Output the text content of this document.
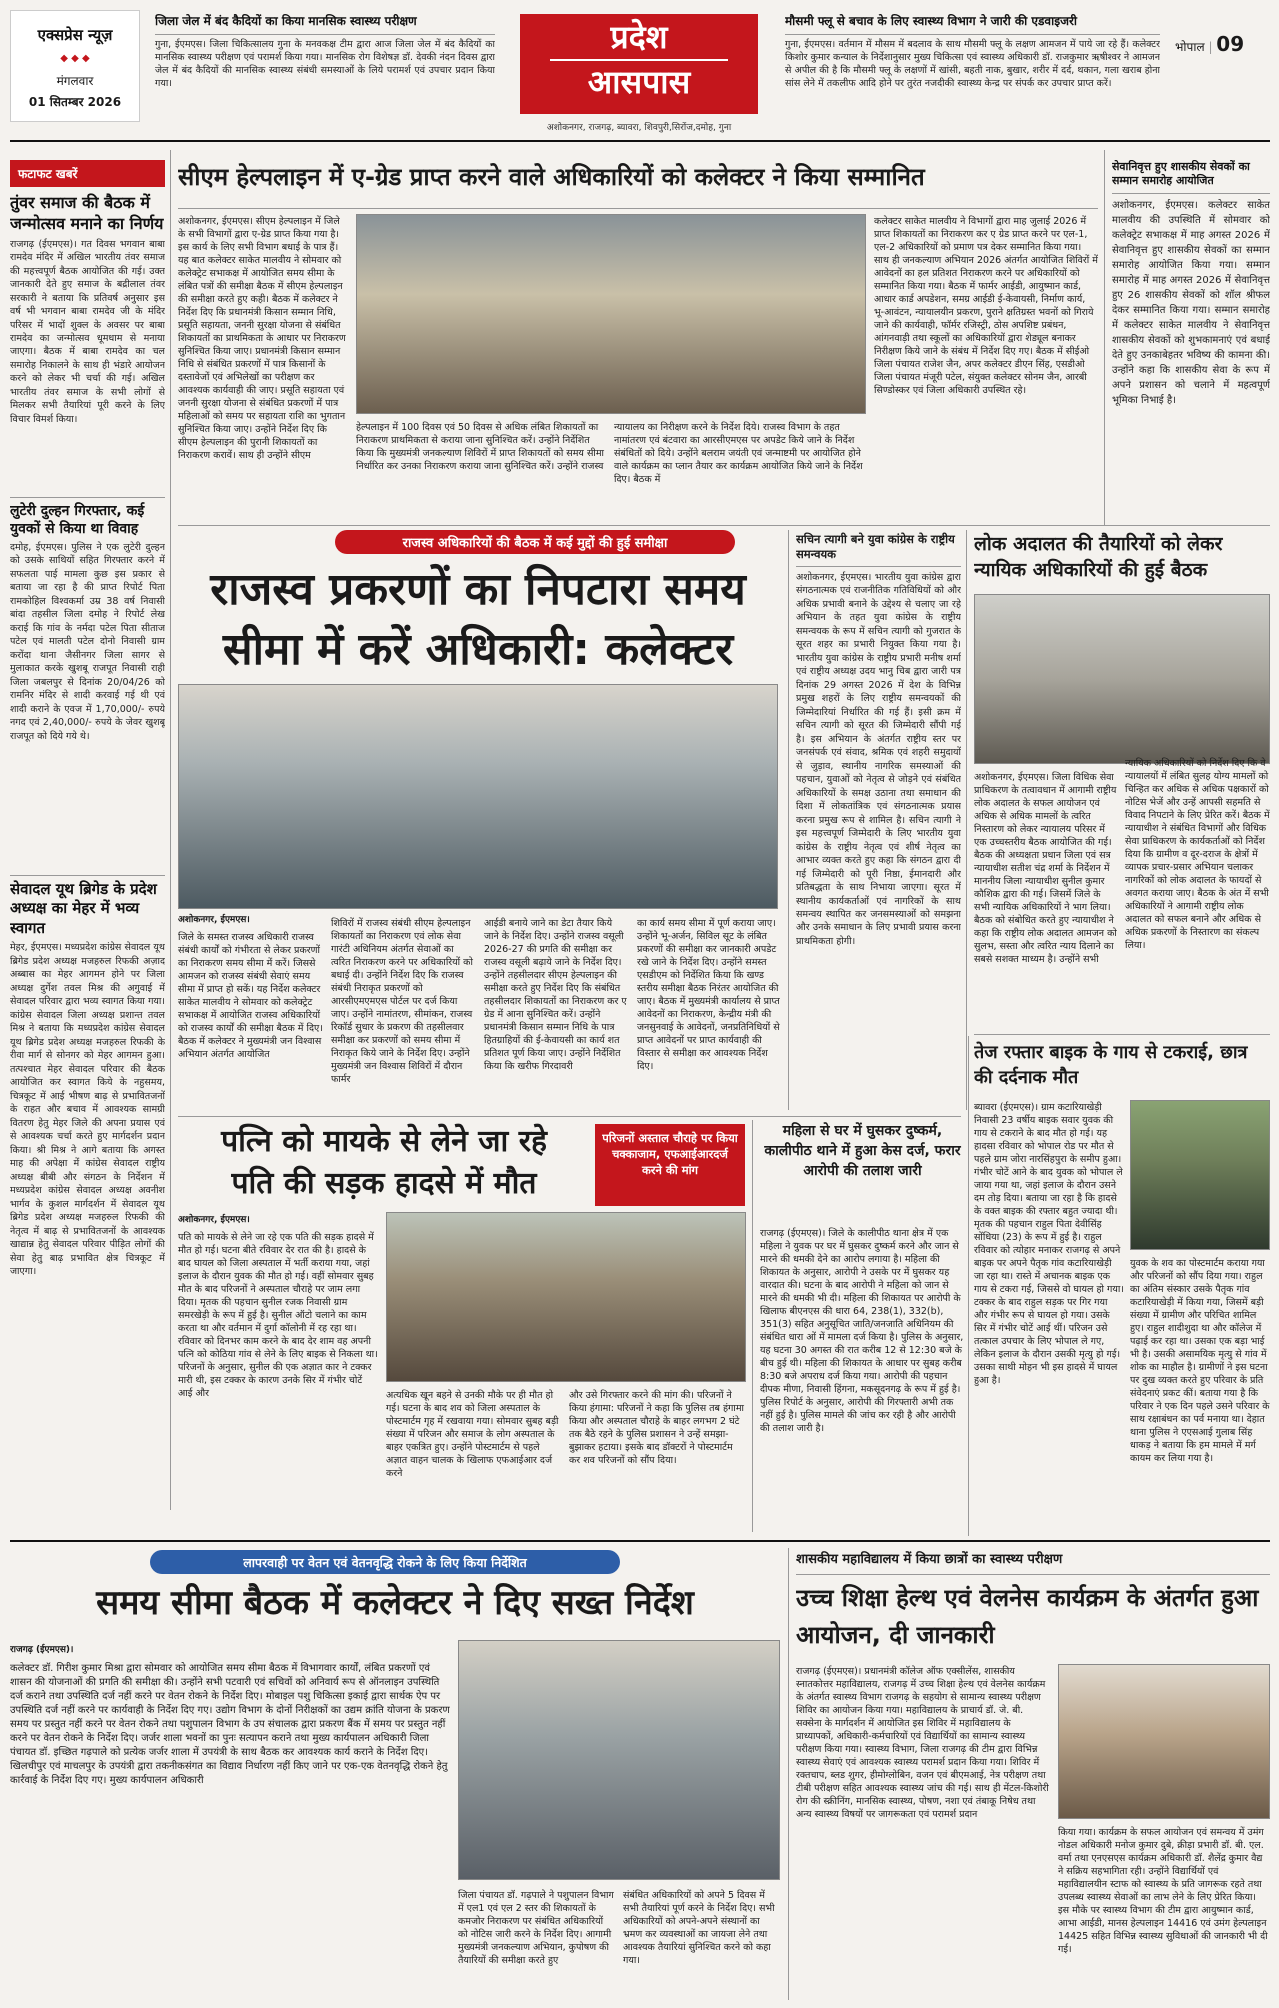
एक्सप्रेस न्यूज़
◆ ◆ ◆
मंगलवार
01 सितम्बर 2026
जिला जेल में बंद कैदियों का किया मानसिक स्वास्थ्य परीक्षण
गुना, ईएमएस। जिला चिकित्सालय गुना के मनवकक्ष टीम द्वारा आज जिला जेल में बंद कैदियों का मानसिक स्वास्थ्य परीक्षण एवं परामर्श किया गया। मानसिक रोग विशेषज्ञ डॉ. देवकी नंदन दिवस द्वारा जेल में बंद कैदियों की मानसिक स्वास्थ्य संबंधी समस्याओं के लिये परामर्श एवं उपचार प्रदान किया गया।
प्रदेश
आसपास
अशोकनगर, राजगढ़, ब्यावरा, शिवपुरी,सिरोंज,दमोह, गुना
मौसमी फ्लू से बचाव के लिए स्वास्थ्य विभाग ने जारी की एडवाइजरी
गुना, ईएमएस। वर्तमान में मौसम में बदलाव के साथ मौसमी फ्लू के लक्षण आमजन में पाये जा रहे हैं। कलेक्टर किशोर कुमार कन्याल के निर्देशानुसार मुख्य चिकित्सा एवं स्वास्थ्य अधिकारी डॉ. राजकुमार ऋषीश्वर ने आमजन से अपील की है कि मौसमी फ्लू के लक्षणों में खांसी, बहती नाक, बुखार, शरीर में दर्द, थकान, गला खराब होना सांस लेने में तकलीफ आदि होने पर तुरंत नजदीकी स्वास्थ्य केन्द्र पर संपर्क कर उपचार प्राप्त करें।
भोपाल | 09
फटाफट खबरें
तुंवर समाज की बैठक में जन्मोत्सव मनाने का निर्णय
राजगढ़ (ईएमएस)। गत दिवस भगवान बाबा रामदेव मंदिर में अखिल भारतीय तंवर समाज की महत्त्वपूर्ण बैठक आयोजित की गई। उक्त जानकारी देते हुए समाज के बद्रीलाल तंवर सरकारी ने बताया कि प्रतिवर्ष अनुसार इस वर्ष भी भगवान बाबा रामदेव जी के मंदिर परिसर में भादों शुक्ल के अवसर पर बाबा रामदेव का जन्मोत्सव धूमधाम से मनाया जाएगा। बैठक में बाबा रामदेव का चल समारोह निकालने के साथ ही भंडारे आयोजन करने को लेकर भी चर्चा की गई। अखिल भारतीय तंवर समाज के सभी लोगों से मिलकर सभी तैयारियां पूरी करने के लिए विचार विमर्श किया।
लुटेरी दुल्हन गिरफ्तार, कई युवकों से किया था विवाह
दमोह, ईएमएस। पुलिस ने एक लुटेरी दुल्हन को उसके साथियों सहित गिरफ्तार करने में सफलता पाई मामला कुछ इस प्रकार से बताया जा रहा है की प्राप्त रिपोर्ट पिता रामकोहिल विश्वकर्मा उम्र 38 वर्ष निवासी बांदा तहसील जिला दमोह ने रिपोर्ट लेख कराई कि गांव के नर्मदा पटेल पिता सीताज पटेल एवं मालती पटेल दोनो निवासी ग्राम करोंदा थाना जैसीनगर जिला सागर से मुलाकात करके खुशबू राजपूत निवासी राही जिला जबलपुर से दिनांक 20/04/26 को रामनिर मंदिर से शादी करवाई गई थी एवं शादी कराने के एवज में 1,70,000/- रुपये नगद एवं 2,40,000/- रुपये के जेवर खुशबू राजपूत को दिये गये थे।
सेवादल यूथ ब्रिगेड के प्रदेश अध्यक्ष का मेहर में भव्य स्वागत
मेहर, ईएमएस। मध्यप्रदेश कांग्रेस सेवादल यूथ ब्रिगेड प्रदेश अध्यक्ष मजहरुल रिफकी अज़ाद अब्बास का मेहर आगमन होने पर जिला अध्यक्ष दुर्गेश तवल मिश्र की अगुवाई में सेवादल परिवार द्वारा भव्य स्वागत किया गया। कांग्रेस सेवादल जिला अध्यक्ष प्रशान्त तवल मिश्र ने बताया कि मध्यप्रदेश कांग्रेस सेवादल यूथ ब्रिगेड प्रदेश अध्यक्ष मजहरुल रिफकी के रीवा मार्ग से सोनगर को मेहर आगमन हुआ। तत्पश्चात मेहर सेवादल परिवार की बैठक आयोजित कर स्वागत किये के नहुसमय, चित्रकूट में आई भीषण बाढ़ से प्रभावितजनों के राहत और बचाव में आवश्यक सामग्री वितरण हेतु मेहर जिले की अपना प्रयास एवं से आवश्यक चर्चा करते हुए मार्गदर्शन प्रदान किया। श्री मिश्र ने आगे बताया कि अगस्त माह की अपेक्षा में कांग्रेस सेवादल राष्ट्रीय अध्यक्ष बीबी और संगठन के निर्देशन में मध्यप्रदेश कांग्रेस सेवादल अध्यक्ष अवनीश भार्गव के कुशल मार्गदर्शन में सेवादल यूथ ब्रिगेड प्रदेश अध्यक्ष मजहरुल रिफकी की नेतृत्व में बाढ़ से प्रभावितजनों के आवश्यक खाद्यान्न हेतु सेवादल परिवार पीड़ित लोगों की सेवा हेतु बाढ़ प्रभावित क्षेत्र चित्रकूट में जाएगा।
सीएम हेल्पलाइन में ए-ग्रेड प्राप्त करने वाले अधिकारियों को कलेक्टर ने किया सम्मानित
अशोकनगर, ईएमएस। सीएम हेल्पलाइन में जिले के सभी विभागों द्वारा ए-ग्रेड प्राप्त किया गया है। इस कार्य के लिए सभी विभाग बधाई के पात्र हैं। यह बात कलेक्टर साकेत मालवीय ने सोमवार को कलेक्ट्रेट सभाकक्ष में आयोजित समय सीमा के लंबित पत्रों की समीक्षा बैठक में सीएम हेल्पलाइन की समीक्षा करते हुए कही। बैठक में कलेक्टर ने निर्देश दिए कि प्रधानमंत्री किसान सम्मान निधि, प्रसूति सहायता, जननी सुरक्षा योजना से संबंधित शिकायतों का प्राथमिकता के आधार पर निराकरण सुनिश्चित किया जाए। प्रधानमंत्री किसान सम्मान निधि से संबंधित प्रकरणों में पात्र किसानों के दस्तावेजों एवं अभिलेखों का परीक्षण कर आवश्यक कार्यवाही की जाए। प्रसूति सहायता एवं जननी सुरक्षा योजना से संबंधित प्रकरणों में पात्र महिलाओं को समय पर सहायता राशि का भुगतान सुनिश्चित किया जाए। उन्होंने निर्देश दिए कि सीएम हेल्पलाइन की पुरानी शिकायतों का निराकरण करावें। साथ ही उन्होंने सीएम
हेल्पलाइन में 100 दिवस एवं 50 दिवस से अधिक लंबित शिकायतों का निराकरण प्राथमिकता से कराया जाना सुनिश्चित करें। उन्होंने निर्देशित किया कि मुख्यमंत्री जनकल्याण शिविरों में प्राप्त शिकायतों को समय सीमा निर्धारित कर उनका निराकरण कराया जाना सुनिश्चित करें। उन्होंने राजस्व
न्यायालय का निरीक्षण करने के निर्देश दिये। राजस्व विभाग के तहत नामांतरण एवं बंटवारा का आरसीएमएस पर अपडेट किये जाने के निर्देश संबंधितों को दिये। उन्होंने बलराम जयंती एवं जन्माष्टमी पर आयोजित होने वाले कार्यक्रम का प्लान तैयार कर कार्यक्रम आयोजित किये जाने के निर्देश दिए। बैठक में
कलेक्टर साकेत मालवीय ने विभागों द्वारा माह जुलाई 2026 में प्राप्त शिकायतों का निराकरण कर ए ग्रेड प्राप्त करने पर एल-1, एल-2 अधिकारियों को प्रमाण पत्र देकर सम्मानित किया गया। साथ ही जनकल्याण अभियान 2026 अंतर्गत आयोजित शिविरों में आवेदनों का हल प्रतिशत निराकरण करने पर अधिकारियों को सम्मानित किया गया। बैठक में फार्मर आईडी, आयुष्मान कार्ड, आधार कार्ड अपडेशन, समग्र आईडी ई-केवायसी, निर्माण कार्य, भू-आवंटन, न्यायालयीन प्रकरण, पुराने क्षतिग्रस्त भवनों को गिराये जाने की कार्यवाही, फॉर्मर रजिस्ट्री, ठोस अपशिष्ट प्रबंधन, आंगनवाड़ी तथा स्कूलों का अधिकारियों द्वारा शेड्यूल बनाकर निरीक्षण किये जाने के संबंध में निर्देश दिए गए। बैठक में सीईओ जिला पंचायत राजेश जैन, अपर कलेक्टर डीएन सिंह, एसडीओ जिला पंचायत मंजूरी पटेल, संयुक्त कलेक्टर सोनम जैन, आरबी सिण्डोस्कर एवं जिला अधिकारी उपस्थित रहे।
सेवानिवृत्त हुए शासकीय सेवकों का सम्मान समारोह आयोजित
अशोकनगर, ईएमएस। कलेक्टर साकेत मालवीय की उपस्थिति में सोमवार को कलेक्ट्रेट सभाकक्ष में माह अगस्त 2026 में सेवानिवृत्त हुए शासकीय सेवकों का सम्मान समारोह आयोजित किया गया। सम्मान समारोह में माह अगस्त 2026 में सेवानिवृत्त हुए 26 शासकीय सेवकों को शॉल श्रीफल देकर सम्मानित किया गया। सम्मान समारोह में कलेक्टर साकेत मालवीय ने सेवानिवृत्त शासकीय सेवकों को शुभकामनाएं एवं बधाई देते हुए उनकाबेहतर भविष्य की कामना की। उन्होंने कहा कि शासकीय सेवा के रूप में अपने प्रशासन को चलाने में महत्वपूर्ण भूमिका निभाई है।
राजस्व अधिकारियों की बैठक में कई मुद्दों की हुई समीक्षा
राजस्व प्रकरणों का निपटारा समय
सीमा में करें अधिकारी: कलेक्टर
अशोकनगर, ईएमएस।
जिले के समस्त राजस्व अधिकारी राजस्व संबंधी कार्यों को गंभीरता से लेकर प्रकरणों का निराकरण समय सीमा में करें। जिससे आमजन को राजस्व संबंधी सेवाएं समय सीमा में प्राप्त हो सकें। यह निर्देश कलेक्टर साकेत मालवीय ने सोमवार को कलेक्ट्रेट सभाकक्ष में आयोजित राजस्व अधिकारियों को राजस्व कार्यों की समीक्षा बैठक में दिए। बैठक में कलेक्टर ने मुख्यमंत्री जन विश्वास अभियान अंतर्गत आयोजित
शिविरों में राजस्व संबंधी सीएम हेल्पलाइन शिकायतों का निराकरण एवं लोक सेवा गारंटी अधिनियम अंतर्गत सेवाओं का त्वरित निराकरण करने पर अधिकारियों को बधाई दी। उन्होंने निर्देश दिए कि राजस्व संबंधी निराकृत प्रकरणों को आरसीएमएमएस पोर्टल पर दर्ज किया जाए। उन्होंने नामांतरण, सीमांकन, राजस्व रिकॉर्ड सुधार के प्रकरण की तहसीलवार समीक्षा कर प्रकरणों को समय सीमा में निराकृत किये जाने के निर्देश दिए। उन्होंने मुख्यमंत्री जन विश्वास शिविरों में दौरान फार्मर
आईडी बनाये जाने का डेटा तैयार किये जाने के निर्देश दिए। उन्होंने राजस्व वसूली 2026-27 की प्रगति की समीक्षा कर राजस्व वसूली बढ़ाये जाने के निर्देश दिए। उन्होंने तहसीलदार सीएम हेल्पलाइन की समीक्षा करते हुए निर्देश दिए कि संबंधित तहसीलदार शिकायतों का निराकरण कर ए ग्रेड में आना सुनिश्चित करें। उन्होंने प्रधानमंत्री किसान सम्मान निधि के पात्र हितग्राहियों की ई-केवायसी का कार्य शत प्रतिशत पूर्ण किया जाए। उन्होंने निर्देशित किया कि खरीफ गिरदावरी
का कार्य समय सीमा में पूर्ण कराया जाए। उन्होंने भू-अर्जन, सिविल सूट के लंबित प्रकरणों की समीक्षा कर जानकारी अपडेट रखे जाने के निर्देश दिए। उन्होंने समस्त एसडीएम को निर्देशित किया कि खण्ड स्तरीय समीक्षा बैठक निरंतर आयोजित की जाए। बैठक में मुख्यमंत्री कार्यालय से प्राप्त आवेदनों का निराकरण, केन्द्रीय मंत्री की जनसुनवाई के आवेदनों, जनप्रतिनिधियों से प्राप्त आवेदनों पर प्राप्त कार्यवाही की विस्तार से समीक्षा कर आवश्यक निर्देश दिए।
सचिन त्यागी बने युवा कांग्रेस के राष्ट्रीय समन्वयक
अशोकनगर, ईएमएस। भारतीय युवा कांग्रेस द्वारा संगठनात्मक एवं राजनीतिक गतिविधियों को और अधिक प्रभावी बनाने के उद्देश्य से चलाए जा रहे अभियान के तहत युवा कांग्रेस के राष्ट्रीय समन्वयक के रूप में सचिन त्यागी को गुजरात के सूरत शहर का प्रभारी नियुक्त किया गया है। भारतीय युवा कांग्रेस के राष्ट्रीय प्रभारी मनीष शर्मा एवं राष्ट्रीय अध्यक्ष उदय भानु चिब द्वारा जारी पत्र दिनांक 29 अगस्त 2026 में देश के विभिन्न प्रमुख शहरों के लिए राष्ट्रीय समन्वयकों की जिम्मेदारियां निर्धारित की गई हैं। इसी क्रम में सचिन त्यागी को सूरत की जिम्मेदारी सौंपी गई है। इस अभियान के अंतर्गत राष्ट्रीय स्तर पर जनसंपर्क एवं संवाद, श्रमिक एवं शहरी समुदायों से जुड़ाव, स्थानीय नागरिक समस्याओं की पहचान, युवाओं को नेतृत्व से जोड़ने एवं संबंधित अधिकारियों के समक्ष उठाना तथा समाधान की दिशा में लोकतांत्रिक एवं संगठनात्मक प्रयास करना प्रमुख रूप से शामिल है। सचिन त्यागी ने इस महत्त्वपूर्ण जिम्मेदारी के लिए भारतीय युवा कांग्रेस के राष्ट्रीय नेतृत्व एवं शीर्ष नेतृत्व का आभार व्यक्त करते हुए कहा कि संगठन द्वारा दी गई जिम्मेदारी को पूरी निष्ठा, ईमानदारी और प्रतिबद्धता के साथ निभाया जाएगा। सूरत में स्थानीय कार्यकर्ताओं एवं नागरिकों के साथ समन्वय स्थापित कर जनसमस्याओं को समझना और उनके समाधान के लिए प्रभावी प्रयास करना प्राथमिकता होगी।
लोक अदालत की तैयारियों को लेकर न्यायिक अधिकारियों की हुई बैठक
अशोकनगर, ईएमएस। जिला विधिक सेवा प्राधिकरण के तत्वावधान में आगामी राष्ट्रीय लोक अदालत के सफल आयोजन एवं अधिक से अधिक मामलों के त्वरित निस्तारण को लेकर न्यायालय परिसर में एक उच्चस्तरीय बैठक आयोजित की गई। बैठक की अध्यक्षता प्रधान जिला एवं सत्र न्यायाधीश सतीश चंद्र शर्मा के निर्देशन में माननीय जिला न्यायाधीश सुनील कुमार कौशिक द्वारा की गई। जिसमें जिले के सभी न्यायिक अधिकारियों ने भाग लिया। बैठक को संबोधित करते हुए न्यायाधीश ने कहा कि राष्ट्रीय लोक अदालत आमजन को सुलभ, सस्ता और त्वरित न्याय दिलाने का सबसे सशक्त माध्यम है। उन्होंने सभी
न्यायिक अधिकारियों को निर्देश दिए कि वे न्यायालयों में लंबित सुलह योग्य मामलों को चिन्हित कर अधिक से अधिक पक्षकारों को नोटिस भेजें और उन्हें आपसी सहमति से विवाद निपटाने के लिए प्रेरित करें। बैठक में न्यायाधीश ने संबंधित विभागों और विधिक सेवा प्राधिकरण के कार्यकर्ताओं को निर्देश दिया कि ग्रामीण व दूर-दराज के क्षेत्रों में व्यापक प्रचार-प्रसार अभियान चलाकर नागरिकों को लोक अदालत के फायदों से अवगत कराया जाए। बैठक के अंत में सभी अधिकारियों ने आगामी राष्ट्रीय लोक अदालत को सफल बनाने और अधिक से अधिक प्रकरणों के निस्तारण का संकल्प लिया।
तेज रफ्तार बाइक के गाय से टकराई, छात्र की दर्दनाक मौत
ब्यावरा (ईएमएस)। ग्राम कटारियाखेड़ी निवासी 23 वर्षीय बाइक सवार युवक की गाय से टकराने के बाद मौत हो गई। यह हादसा रविवार को भोपाल रोड पर मौत से पहले ग्राम जोरा नारसिंहपुरा के समीप हुआ। गंभीर चोटें आने के बाद युवक को भोपाल ले जाया गया था, जहां इलाज के दौरान उसने दम तोड़ दिया। बताया जा रहा है कि हादसे के वक्त बाइक की रफ्तार बहुत ज्यादा थी। मृतक की पहचान राहुल पिता देवीसिंह सोंधिया (23) के रूप में हुई है। राहुल रविवार को त्योहार मनाकर राजगढ़ से अपने बाइक पर अपने पैतृक गांव कटारियाखेड़ी जा रहा था। रास्ते में अचानक बाइक एक गाय से टकरा गई, जिससे वो घायल हो गया। टक्कर के बाद राहुल सड़क पर गिर गया और गंभीर रूप से घायल हो गया। उसके सिर में गंभीर चोटें आई थीं। परिजन उसे तत्काल उपचार के लिए भोपाल ले गए, लेकिन इलाज के दौरान उसकी मृत्यु हो गई। उसका साथी मोहन भी इस हादसे में घायल हुआ है।
युवक के शव का पोस्टमार्टम कराया गया और परिजनों को सौंप दिया गया। राहुल का अंतिम संस्कार उसके पैतृक गांव कटारियाखेड़ी में किया गया, जिसमें बड़ी संख्या में ग्रामीण और परिचित शामिल हुए। राहुल शादीशुदा था और कॉलेज में पढ़ाई कर रहा था। उसका एक बड़ा भाई भी है। उसकी असामयिक मृत्यु से गांव में शोक का माहौल है। ग्रामीणों ने इस घटना पर दुख व्यक्त करते हुए परिवार के प्रति संवेदनाएं प्रकट कीं। बताया गया है कि परिवार ने एक दिन पहले उसने परिवार के साथ रक्षाबंधन का पर्व मनाया था। देहात थाना पुलिस ने एएसआई गुलाब सिंह धाकड़ ने बताया कि हम मामले में मर्ग कायम कर लिया गया है।
पत्नि को मायके से लेने जा रहे
पति की सड़क हादसे में मौत
परिजनों अस्ताल चौराहे पर किया चक्काजाम, एफआईआरदर्ज करने की मांग
अशोकनगर, ईएमएस।
पति को मायके से लेने जा रहे एक पति की सड़क हादसे में मौत हो गई। घटना बीते रविवार देर रात की है। हादसे के बाद घायल को जिला अस्पताल में भर्ती कराया गया, जहां इलाज के दौरान युवक की मौत हो गई। वहीं सोमवार सुबह मौत के बाद परिजनों ने अस्पताल चौराहे पर जाम लगा दिया। मृतक की पहचान सुनील रजक निवासी ग्राम समरखेड़ी के रूप में हुई है। सुनील ऑटो चलाने का काम करता था और वर्तमान में दुर्गा कॉलोनी में रह रहा था। रविवार को दिनभर काम करने के बाद देर शाम वह अपनी पत्नि को कोठिया गांव से लेने के लिए बाइक से निकला था। परिजनों के अनुसार, सुनील की एक अज्ञात कार ने टक्कर मारी थी, इस टक्कर के कारण उनके सिर में गंभीर चोटें आई और	अत्यधिक खून बहने से उनकी मौके पर ही मौत हो गई। घटना के बाद शव को जिला अस्पताल के पोस्टमार्टम गृह में रखवाया गया। सोमवार सुबह बड़ी संख्या में परिजन और समाज के लोग अस्पताल के बाहर एकत्रित हुए। उन्होंने पोस्टमार्टम से पहले अज्ञात वाहन चालक के खिलाफ एफआईआर दर्ज करने
और उसे गिरफ्तार करने की मांग की। परिजनों ने किया हंगामा: परिजनों ने कहा कि पुलिस तब हंगामा किया और अस्पताल चौराहे के बाहर लगभग 2 घंटे तक बैठे रहने के पुलिस प्रशासन ने उन्हें समझा-बुझाकर हटाया। इसके बाद डॉक्टरों ने पोस्टमार्टम कर शव परिजनों को सौंप दिया।
महिला से घर में घुसकर दुष्कर्म, कालीपीठ थाने में हुआ केस दर्ज, फरार आरोपी की तलाश जारी
राजगढ़ (ईएमएस)। जिले के कालीपीठ थाना क्षेत्र में एक महिला ने युवक पर घर में घुसकर दुष्कर्म करने और जान से मारने की धमकी देने का आरोप लगाया है। महिला की शिकायत के अनुसार, आरोपी ने उसके पर में घुसकर यह वारदात की। घटना के बाद आरोपी ने महिला को जान से मारने की धमकी भी दी। महिला की शिकायत पर आरोपी के खिलाफ बीएनएस की धारा 64, 238(1), 332(b), 351(3) सहित अनुसूचित जाति/जनजाति अधिनियम की संबंधित धारा ओं में मामला दर्ज किया है। पुलिस के अनुसार, यह घटना 30 अगस्त की रात करीब 12 से 12:30 बजे के बीच हुई थी। महिला की शिकायत के आधार पर सुबह करीब 8:30 बजे अपराध दर्ज किया गया। आरोपी की पहचान दीपक मीणा, निवासी हिंगना, मकसूदनगढ़ के रूप में हुई है। पुलिस रिपोर्ट के अनुसार, आरोपी की गिरफ्तारी अभी तक नहीं हुई है। पुलिस मामले की जांच कर रही है और आरोपी की तलाश जारी है।
लापरवाही पर वेतन एवं वेतनवृद्धि रोकने के लिए किया निर्देशित
समय सीमा बैठक में कलेक्टर ने दिए सख्त निर्देश
राजगढ़ (ईएमएस)।
कलेक्टर डॉ. गिरीश कुमार मिश्रा द्वारा सोमवार को आयोजित समय सीमा बैठक में विभागवार कार्यों, लंबित प्रकरणों एवं शासन की योजनाओं की प्रगति की समीक्षा की। उन्होंने सभी पटवारी एवं सचिवों को अनिवार्य रूप से ऑनलाइन उपस्थिति दर्ज कराने तथा उपस्थिति दर्ज नहीं करने पर वेतन रोकने के निर्देश दिए। मोबाइल पशु चिकित्सा इकाई द्वारा सार्थक ऐप पर उपस्थिति दर्ज नहीं करने पर कार्यवाही के निर्देश दिए गए। उद्योग विभाग के दोनों निरीक्षकों का उद्यम क्रांति योजना के प्रकरण समय पर प्रस्तुत नहीं करने पर वेतन रोकने तथा पशुपालन विभाग के उप संचालक द्वारा प्रकरण बैंक में समय पर प्रस्तुत नहीं करने पर वेतन रोकने के निर्देश दिए। जर्जर शाला भवनों का पुनः सत्यापन कराने तथा मुख्य कार्यपालन अधिकारी जिला पंचायत डॉ. इच्छित गढ़पाले को प्रत्येक जर्जर शाला में उपयंत्री के साथ बैठक कर आवश्यक कार्य कराने के निर्देश दिए। खिलचीपुर एवं माचलपुर के उपयंत्री द्वारा तकनीकसंगत का विद्याव निर्धारण नहीं किए जाने पर एक-एक वेतनवृद्धि रोकने हेतु कार्रवाई के निर्देश दिए गए। मुख्य कार्यपालन अधिकारी
जिला पंचायत डॉ. गढ़पाले ने पशुपालन विभाग में एल1 एवं एल 2 स्तर की शिकायतों के कमजोर निराकरण पर संबंधित अधिकारियों को नोटिस जारी करने के निर्देश दिए। आगामी मुख्यमंत्री जनकल्याण अभियान, कुपोषण की तैयारियों की समीक्षा करते हुए
संबंधित अधिकारियों को अपने 5 दिवस में सभी तैयारियां पूर्ण करने के निर्देश दिए। सभी अधिकारियों को अपने-अपने संस्थानों का भ्रमण कर व्यवस्थाओं का जायजा लेने तथा आवश्यक तैयारियां सुनिश्चित करने को कहा गया।
शासकीय महाविद्यालय में किया छात्रों का स्वास्थ्य परीक्षण
उच्च शिक्षा हेल्थ एवं वेलनेस कार्यक्रम के अंतर्गत हुआ आयोजन, दी जानकारी
राजगढ़ (ईएमएस)। प्रधानमंत्री कॉलेज ऑफ एक्सीलेंस, शासकीय स्नातकोत्तर महाविद्यालय, राजगढ़ में उच्च शिक्षा हेल्थ एवं वेलनेस कार्यक्रम के अंतर्गत स्वास्थ्य विभाग राजगढ़ के सहयोग से सामान्य स्वास्थ्य परीक्षण शिविर का आयोजन किया गया। महाविद्यालय के प्राचार्य डॉ. जे. बी. सक्सेना के मार्गदर्शन में आयोजित इस शिविर में महाविद्यालय के प्राध्यापकों, अधिकारी-कर्मचारियों एवं विद्यार्थियों का सामान्य स्वास्थ्य परीक्षण किया गया। स्वास्थ्य विभाग, जिला राजगढ़ की टीम द्वारा विभिन्न स्वास्थ्य सेवाएं एवं आवश्यक स्वास्थ्य परामर्श प्रदान किया गया। शिविर में रक्तचाप, ब्लड शुगर, हीमोग्लोबिन, वजन एवं बीएमआई, नेत्र परीक्षण तथा टीबी परीक्षण सहित आवश्यक स्वास्थ्य जांच की गई। साथ ही मेंटल-किशोरी रोग की स्क्रीनिंग, मानसिक स्वास्थ्य, पोषण, नशा एवं तंबाकू निषेध तथा अन्य स्वास्थ्य विषयों पर जागरूकता एवं परामर्श प्रदान
किया गया। कार्यक्रम के सफल आयोजन एवं समन्वय में उमंग नोडल अधिकारी मनोज कुमार दुबे, क्रीड़ा प्रभारी डॉ. बी. एल. वर्मा तथा एनएसएस कार्यक्रम अधिकारी डॉ. शैलेंद्र कुमार वैद्य ने सक्रिय सहभागिता रही। उन्होंने विद्यार्थियों एवं महाविद्यालयीन स्टाफ को स्वास्थ्य के प्रति जागरूक रहते तथा उपलब्ध स्वास्थ्य सेवाओं का लाभ लेने के लिए प्रेरित किया। इस मौके पर स्वास्थ्य विभाग की टीम द्वारा आयुष्मान कार्ड, आभा आईडी, मानस हेल्पलाइन 14416 एवं उमंग हेल्पलाइन 14425 सहित विभिन्न स्वास्थ्य सुविधाओं की जानकारी भी दी गई।
